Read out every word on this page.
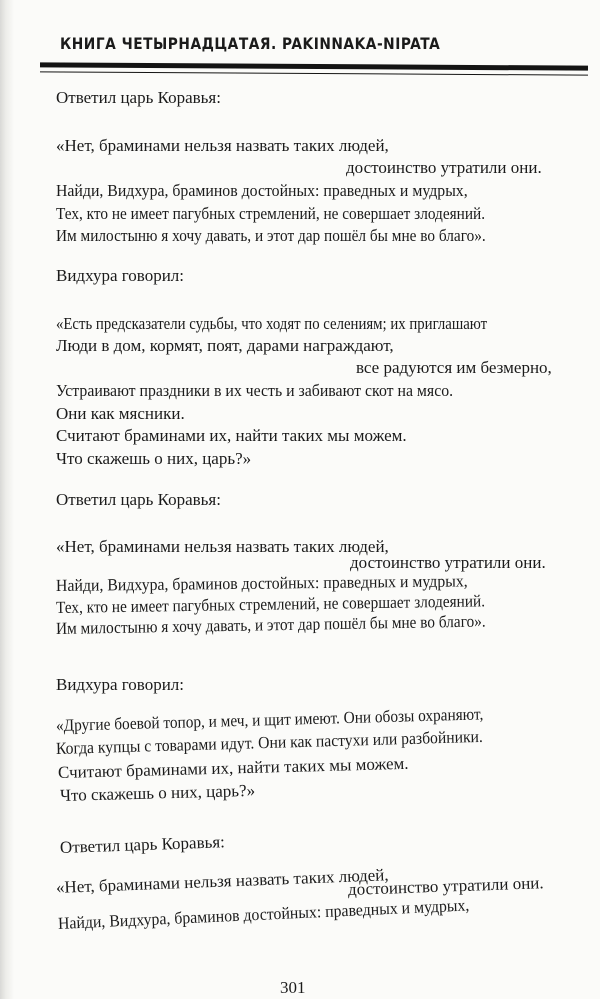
КНИГА ЧЕТЫРНАДЦАТАЯ. PAKINNAKA-NIPATA
Ответил царь Коравья:
«Нет, браминами нельзя назвать таких людей,
достоинство утратили они.
Найди, Видхура, браминов достойных: праведных и мудрых,
Тех, кто не имеет пагубных стремлений, не совершает злодеяний.
Им милостыню я хочу давать, и этот дар пошёл бы мне во благо».
Видхура говорил:
«Есть предсказатели судьбы, что ходят по селениям; их приглашают
Люди в дом, кормят, поят, дарами награждают,
все радуются им безмерно,
Устраивают праздники в их честь и забивают скот на мясо.
Они как мясники.
Считают браминами их, найти таких мы можем.
Что скажешь о них, царь?»
Ответил царь Коравья:
«Нет, браминами нельзя назвать таких людей,
достоинство утратили они.
Найди, Видхура, браминов достойных: праведных и мудрых,
Тех, кто не имеет пагубных стремлений, не совершает злодеяний.
Им милостыню я хочу давать, и этот дар пошёл бы мне во благо».
Видхура говорил:
«Другие боевой топор, и меч, и щит имеют. Они обозы охраняют,
Когда купцы с товарами идут. Они как пастухи или разбойники.
Считают браминами их, найти таких мы можем.
Что скажешь о них, царь?»
Ответил царь Коравья:
«Нет, браминами нельзя назвать таких людей,
достоинство утратили они.
Найди, Видхура, браминов достойных: праведных и мудрых,
301
